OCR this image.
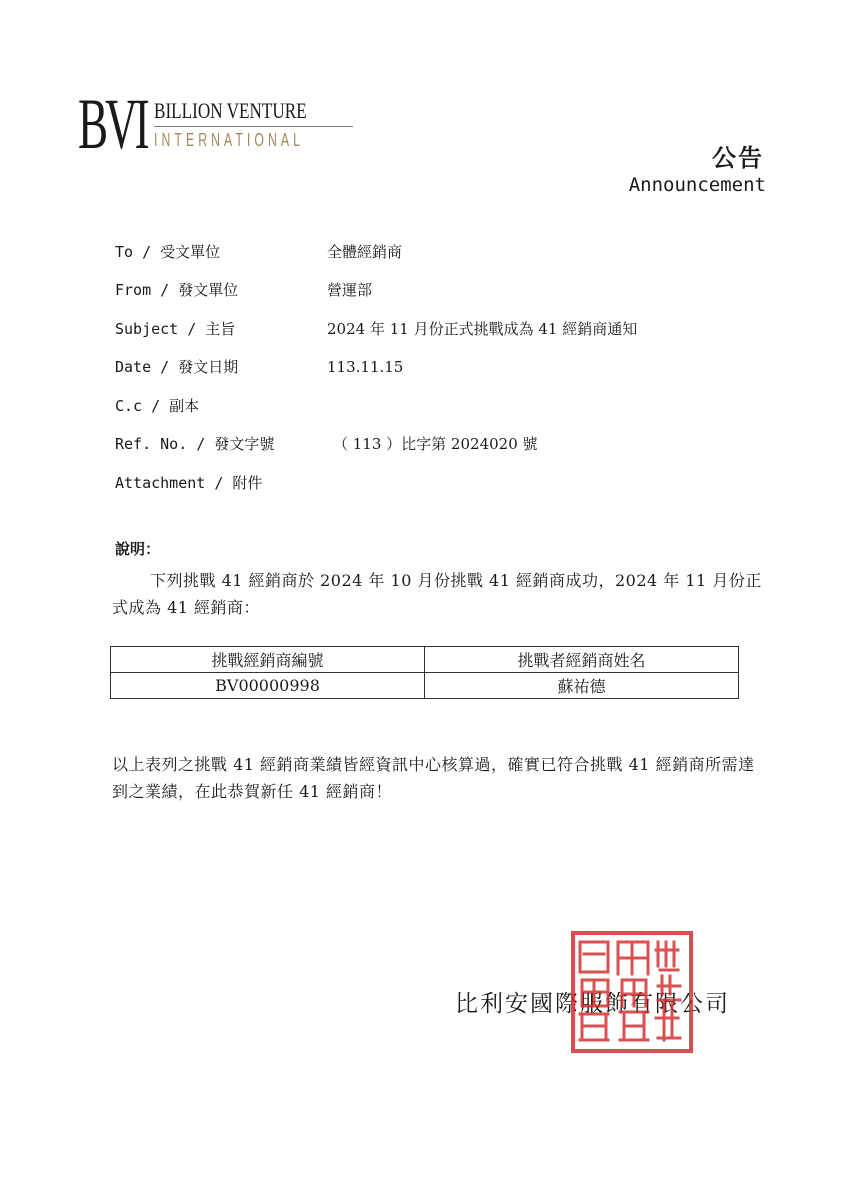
BVI BILLION VENTURE
INTERNATIONAL
公告
Announcement
To / 受文單位	全體經銷商
From / 發文單位	營運部
Subject / 主旨	2024 年 11 月份正式挑戰成為 41 經銷商通知
Date / 發文日期	113.11.15
C.c / 副本
Ref. No. / 發文字號	（ 113 ）比字第 2024020 號
Attachment / 附件
說明：
下列挑戰 41 經銷商於 2024 年 10 月份挑戰 41 經銷商成功，2024 年 11 月份正式成為 41 經銷商：
挑戰經銷商編號	挑戰者經銷商姓名
BV00000998	蘇祐德
以上表列之挑戰 41 經銷商業績皆經資訊中心核算過，確實已符合挑戰 41 經銷商所需達到之業績，在此恭賀新任 41 經銷商！
比利安國際服飾有限公司
